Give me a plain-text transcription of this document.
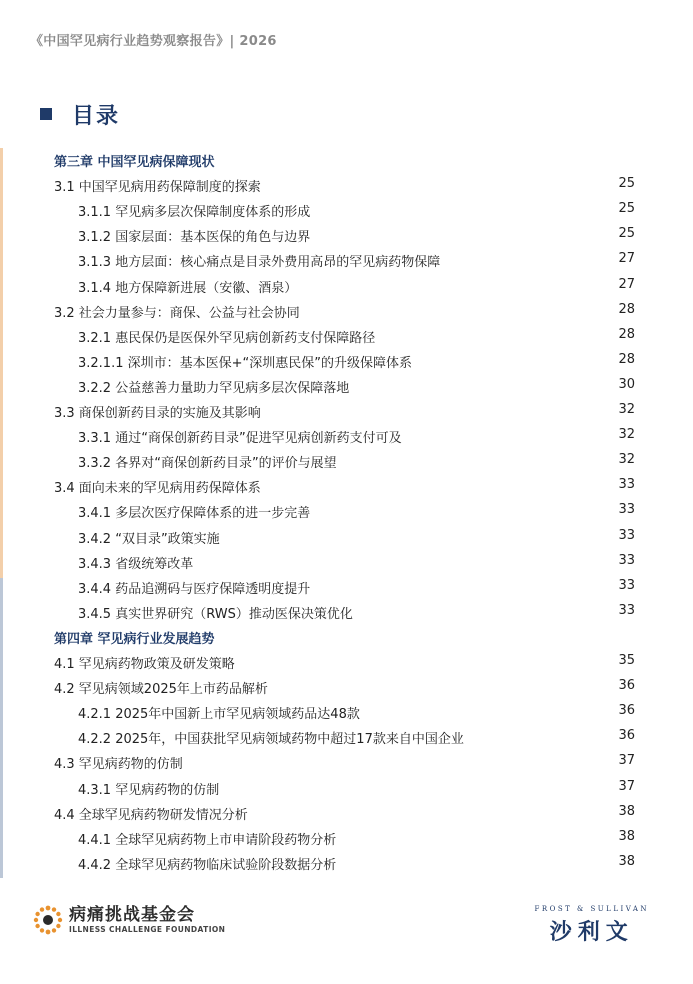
《中国罕见病行业趋势观察报告》| 2026
目录
第三章 中国罕见病保障现状
3.1 中国罕见病用药保障制度的探索	25
3.1.1 罕见病多层次保障制度体系的形成	25
3.1.2 国家层面：基本医保的角色与边界	25
3.1.3 地方层面：核心痛点是目录外费用高昂的罕见病药物保障	27
3.1.4 地方保障新进展（安徽、酒泉）	27
3.2 社会力量参与：商保、公益与社会协同	28
3.2.1 惠民保仍是医保外罕见病创新药支付保障路径	28
3.2.1.1 深圳市：基本医保+“深圳惠民保”的升级保障体系	28
3.2.2 公益慈善力量助力罕见病多层次保障落地	30
3.3 商保创新药目录的实施及其影响	32
3.3.1 通过“商保创新药目录”促进罕见病创新药支付可及	32
3.3.2 各界对“商保创新药目录”的评价与展望	32
3.4 面向未来的罕见病用药保障体系	33
3.4.1 多层次医疗保障体系的进一步完善	33
3.4.2 “双目录”政策实施	33
3.4.3 省级统筹改革	33
3.4.4 药品追溯码与医疗保障透明度提升	33
3.4.5 真实世界研究（RWS）推动医保决策优化	33
第四章 罕见病行业发展趋势
4.1 罕见病药物政策及研发策略	35
4.2 罕见病领域2025年上市药品解析	36
4.2.1 2025年中国新上市罕见病领域药品达48款	36
4.2.2 2025年，中国获批罕见病领域药物中超过17款来自中国企业	36
4.3 罕见病药物的仿制	37
4.3.1 罕见病药物的仿制	37
4.4 全球罕见病药物研发情况分析	38
4.4.1 全球罕见病药物上市申请阶段药物分析	38
4.4.2 全球罕见病药物临床试验阶段数据分析	38
病痛挑战基金会
ILLNESS CHALLENGE FOUNDATION
FROST & SULLIVAN
沙利文
